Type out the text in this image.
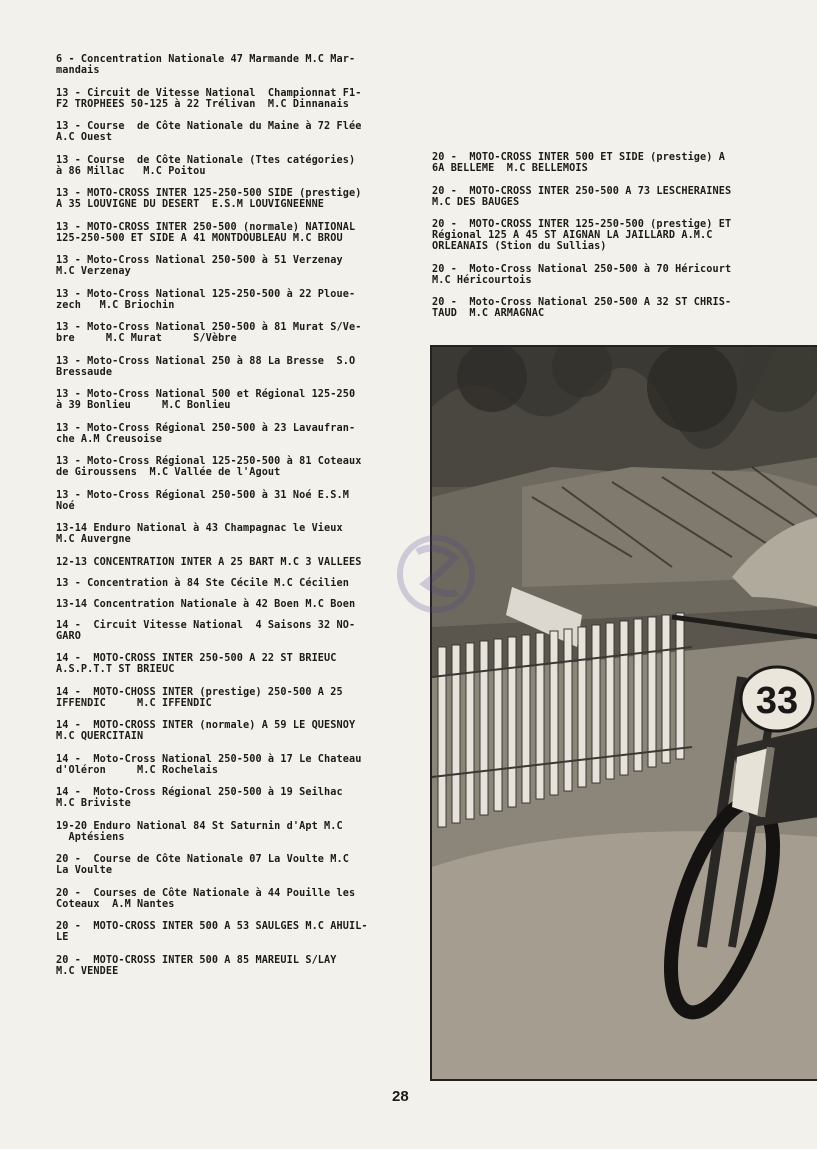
6 - Concentration Nationale 47 Marmande M.C Mar-
mandais

13 - Circuit de Vitesse National  Championnat F1-
F2 TROPHEES 50-125 à 22 Trélivan  M.C Dinnanais

13 - Course  de Côte Nationale du Maine à 72 Flée
A.C Ouest

13 - Course  de Côte Nationale (Ttes catégories)
à 86 Millac   M.C Poitou

13 - MOTO-CROSS INTER 125-250-500 SIDE (prestige)
A 35 LOUVIGNE DU DESERT  E.S.M LOUVIGNEENNE

13 - MOTO-CROSS INTER 250-500 (normale) NATIONAL
125-250-500 ET SIDE A 41 MONTDOUBLEAU M.C BROU

13 - Moto-Cross National 250-500 à 51 Verzenay
M.C Verzenay

13 - Moto-Cross National 125-250-500 à 22 Ploue-
zech   M.C Briochin

13 - Moto-Cross National 250-500 à 81 Murat S/Ve-
bre     M.C Murat     S/Vèbre

13 - Moto-Cross National 250 à 88 La Bresse  S.O
Bressaude

13 - Moto-Cross National 500 et Régional 125-250
à 39 Bonlieu     M.C Bonlieu

13 - Moto-Cross Régional 250-500 à 23 Lavaufran-
che A.M Creusoise

13 - Moto-Cross Régional 125-250-500 à 81 Coteaux
de Giroussens  M.C Vallée de l'Agout

13 - Moto-Cross Régional 250-500 à 31 Noé E.S.M
Noé

13-14 Enduro National à 43 Champagnac le Vieux
M.C Auvergne

12-13 CONCENTRATION INTER A 25 BART M.C 3 VALLEES

13 - Concentration à 84 Ste Cécile M.C Cécilien

13-14 Concentration Nationale à 42 Boen M.C Boen

14 -  Circuit Vitesse National  4 Saisons 32 NO-
GARO

14 -  MOTO-CROSS INTER 250-500 A 22 ST BRIEUC
A.S.P.T.T ST BRIEUC

14 -  MOTO-CHOSS INTER (prestige) 250-500 A 25
IFFENDIC     M.C IFFENDIC

14 -  MOTO-CROSS INTER (normale) A 59 LE QUESNOY
M.C QUERCITAIN

14 -  Moto-Cross National 250-500 à 17 Le Chateau
d'Oléron     M.C Rochelais

14 -  Moto-Cross Régional 250-500 à 19 Seilhac
M.C Briviste

19-20 Enduro National 84 St Saturnin d'Apt M.C
Aptésiens

20 -  Course de Côte Nationale 07 La Voulte M.C
La Voulte

20 -  Courses de Côte Nationale à 44 Pouille les
Coteaux  A.M Nantes

20 -  MOTO-CROSS INTER 500 A 53 SAULGES M.C AHUIL-
LE

20 -  MOTO-CROSS INTER 500 A 85 MAREUIL S/LAY
M.C VENDEE

20 -  MOTO-CROSS INTER 500 ET SIDE (prestige) A
6A BELLEME  M.C BELLEMOIS

20 -  MOTO-CROSS INTER 250-500 A 73 LESCHERAINES
M.C DES BAUGES

20 -  MOTO-CROSS INTER 125-250-500 (prestige) ET
Régional 125 A 45 ST AIGNAN LA JAILLARD A.M.C
ORLEANAIS (Stion du Sullias)

20 -  Moto-Cross National 250-500 à 70 Héricourt
M.C Héricourtois

20 -  Moto-Cross National 250-500 A 32 ST CHRIS-
TAUD  M.C ARMAGNAC

33
28
